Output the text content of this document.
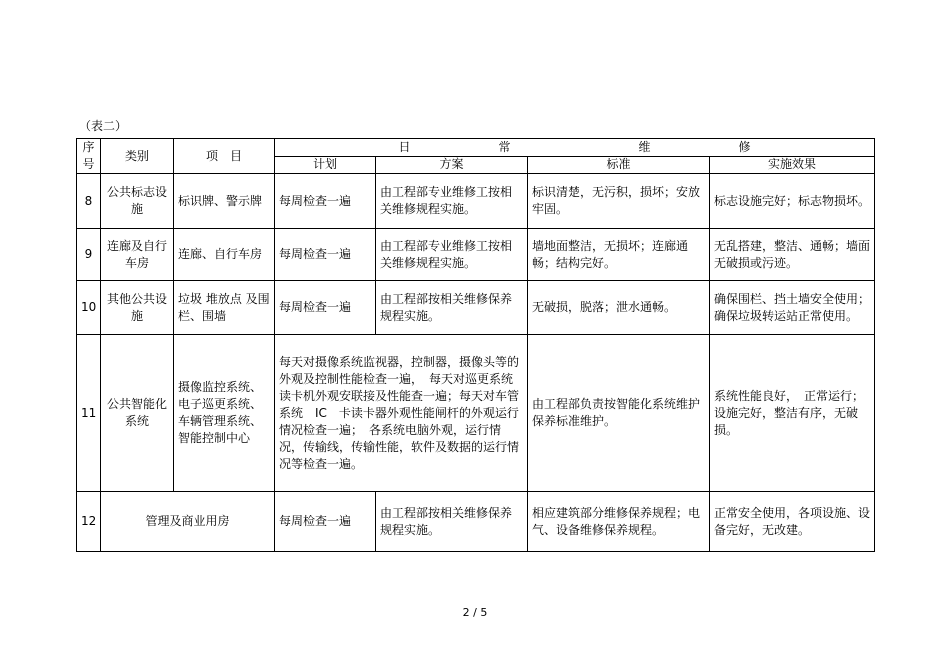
（表二）
序号	类别	项　目	日 常 维 修			
			计划	方案	标准	实施效果
8	公共标志设施	标识牌、警示牌	每周检查一遍	由工程部专业维修工按相关维修规程实施。	标识清楚，无污积，损坏；安放牢固。	标志设施完好；标志物损坏。
9	连廊及自行车房	连廊、自行车房	每周检查一遍	由工程部专业维修工按相关维修规程实施。	墙地面整洁，无损坏；连廊通畅；结构完好。	无乱搭建，整洁、通畅；墙面无破损或污迹。
10	其他公共设施	垃圾 堆放点 及围栏、围墙	每周检查一遍	由工程部按相关维修保养规程实施。	无破损，脱落；泄水通畅。	确保围栏、挡土墙安全使用；确保垃圾转运站正常使用。
11	公共智能化系统	摄像监控系统、电子巡更系统、车辆管理系统、智能控制中心	每天对摄像系统监视器，控制器，摄像头等的外观及控制性能检查一遍，　每天对巡更系统读卡机外观安联接及性能查一遍；每天对车管系统　IC　卡读卡器外观性能闸杆的外观运行情况检查一遍；　各系统电脑外观，运行情况，传输线，传输性能，软件及数据的运行情况等检查一遍。		由工程部负责按智能化系统维护保养标准维护。	系统性能良好，　正常运行；设施完好，整洁有序，无破损。
12	管理及商业用房		每周检查一遍	由工程部按相关维修保养规程实施。	相应建筑部分维修保养规程；电气、设备维修保养规程。	正常安全使用，各项设施、设备完好，无改建。
2 / 5
